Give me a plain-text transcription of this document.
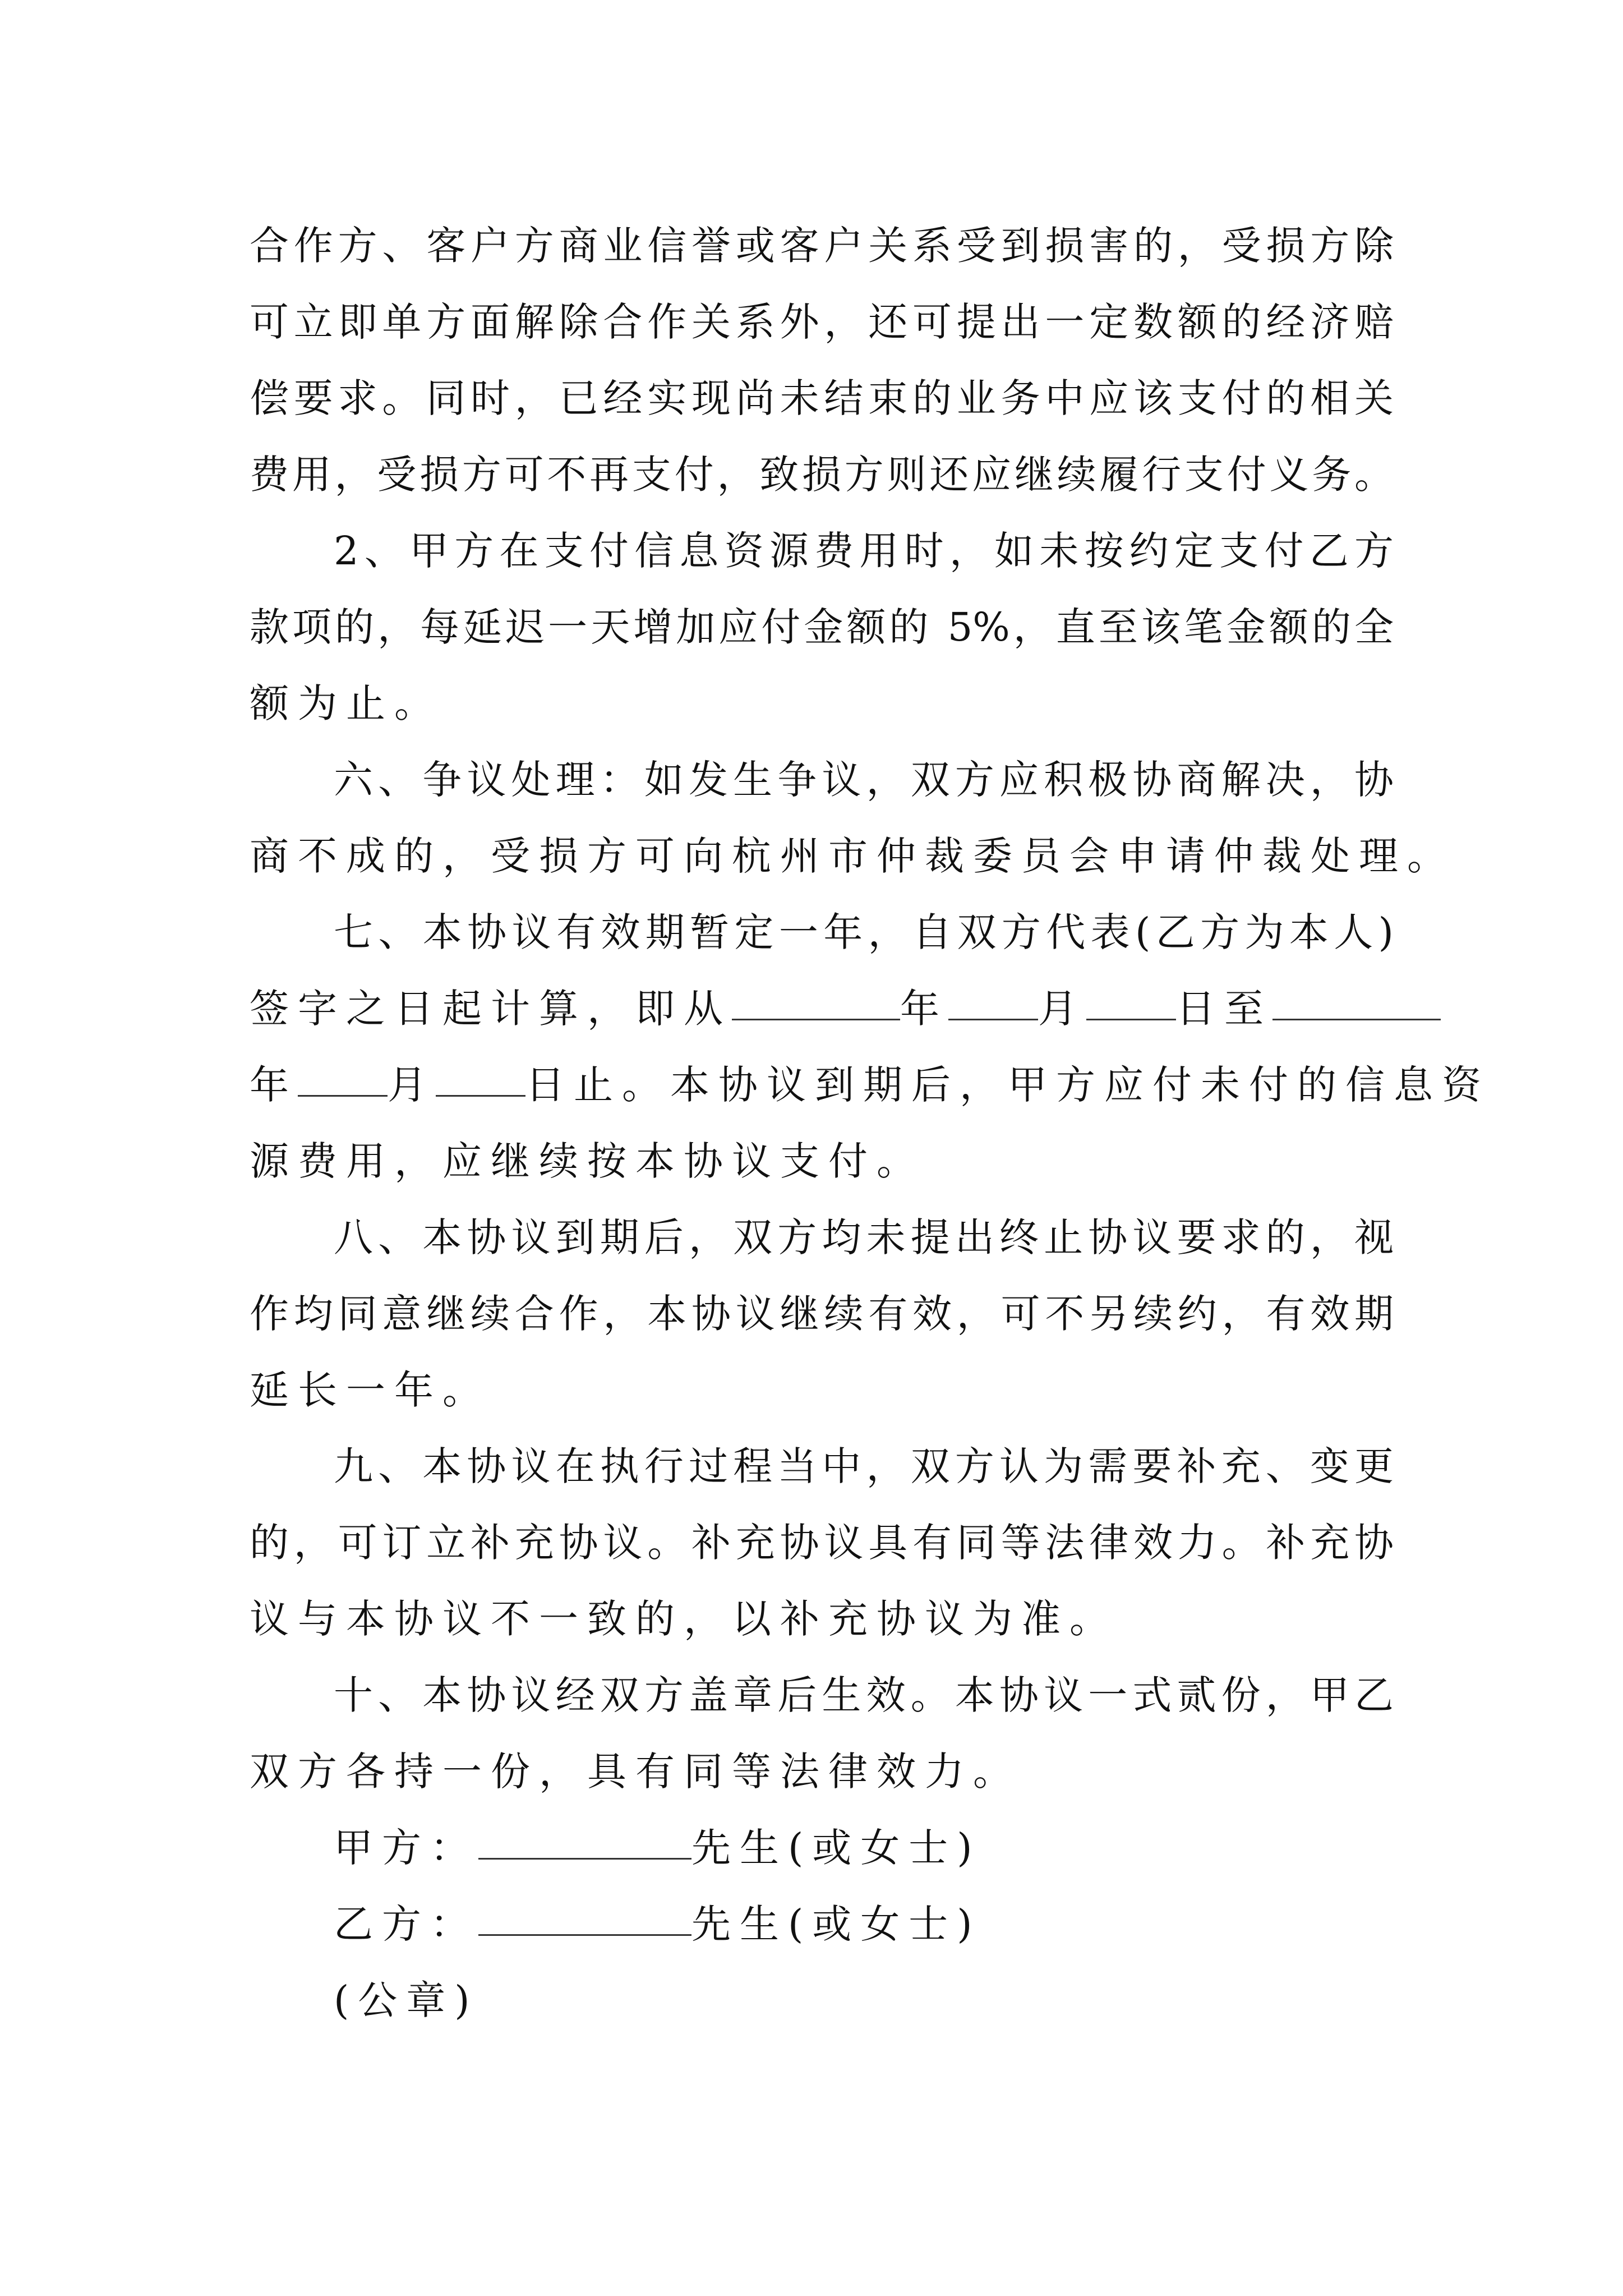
合作方、客户方商业信誉或客户关系受到损害的，受损方除
可立即单方面解除合作关系外，还可提出一定数额的经济赔
偿要求。同时，已经实现尚未结束的业务中应该支付的相关
费用，受损方可不再支付，致损方则还应继续履行支付义务。
2、甲方在支付信息资源费用时，如未按约定支付乙方
款项的，每延迟一天增加应付金额的 5%，直至该笔金额的全
额为止。
六、争议处理：如发生争议，双方应积极协商解决，协
商不成的，受损方可向杭州市仲裁委员会申请仲裁处理。
七、本协议有效期暂定一年，自双方代表(乙方为本人)
签字之日起计算，即从	年 月 日至
年 月 日止。本协议到期后，甲方应付未付的信息资
源费用，应继续按本协议支付。
八、本协议到期后，双方均未提出终止协议要求的，视
作均同意继续合作，本协议继续有效，可不另续约，有效期
延长一年。
九、本协议在执行过程当中，双方认为需要补充、变更
的，可订立补充协议。补充协议具有同等法律效力。补充协
议与本协议不一致的，以补充协议为准。
十、本协议经双方盖章后生效。本协议一式贰份，甲乙
双方各持一份，具有同等法律效力。
甲方：	先生(或女士)
乙方：	先生(或女士)
(公章)
